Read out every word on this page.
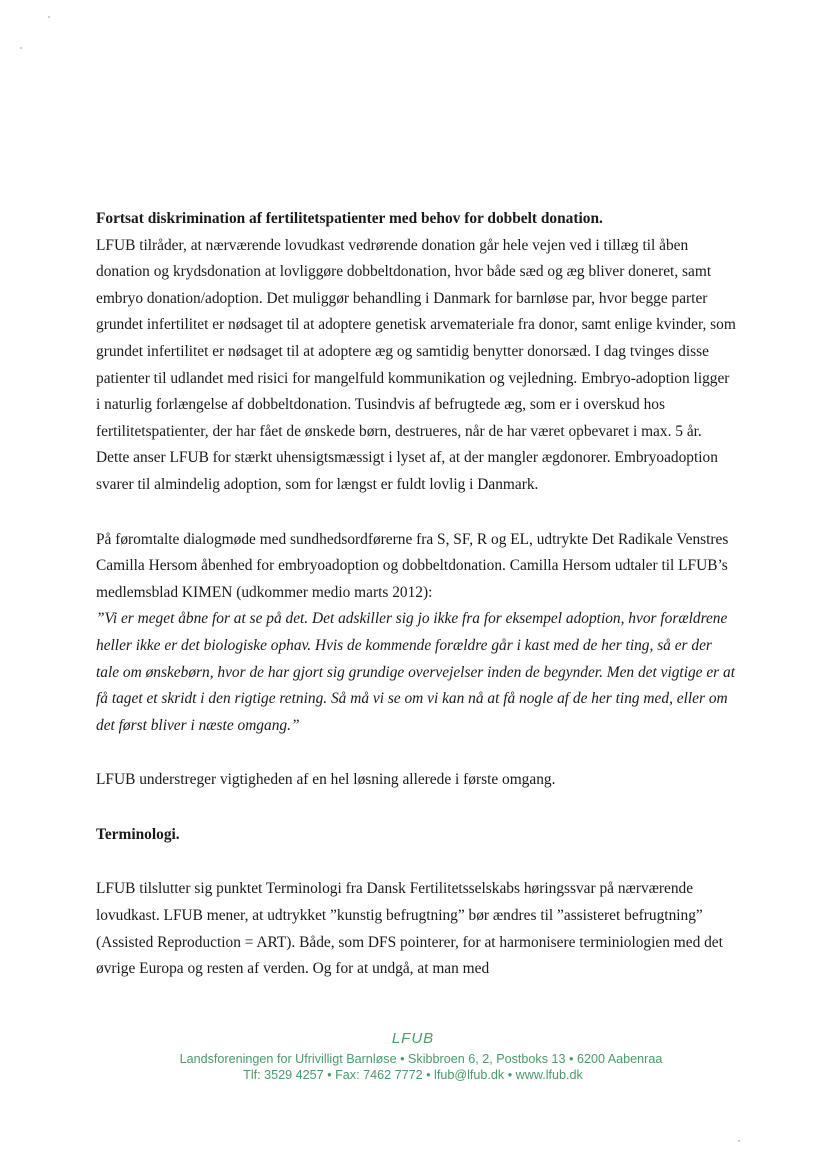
Fortsat diskrimination af fertilitetspatienter med behov for dobbelt donation.

LFUB tilråder, at nærværende lovudkast vedrørende donation går hele vejen ved i tillæg til åben donation og krydsdonation at lovliggøre dobbeltdonation, hvor både sæd og æg bliver doneret, samt embryo donation/adoption. Det muliggør behandling i Danmark for barnløse par, hvor begge parter grundet infertilitet er nødsaget til at adoptere genetisk arvemateriale fra donor, samt enlige kvinder, som grundet infertilitet er nødsaget til at adoptere æg og samtidig benytter donorsæd. I dag tvinges disse patienter til udlandet med risici for mangelfuld kommunikation og vejledning. Embryo-adoption ligger i naturlig forlængelse af dobbeltdonation. Tusindvis af befrugtede æg, som er i overskud hos fertilitetspatienter, der har fået de ønskede børn, destrueres, når de har været opbevaret i max. 5 år. Dette anser LFUB for stærkt uhensigtsmæssigt i lyset af, at der mangler ægdonorer. Embryoadoption svarer til almindelig adoption, som for længst er fuldt lovlig i Danmark.

På føromtalte dialogmøde med sundhedsordførerne fra S, SF, R og EL, udtrykte Det Radikale Venstres Camilla Hersom åbenhed for embryoadoption og dobbeltdonation. Camilla Hersom udtaler til LFUB’s medlemsblad KIMEN (udkommer medio marts 2012):

”Vi er meget åbne for at se på det. Det adskiller sig jo ikke fra for eksempel adoption, hvor forældrene heller ikke er det biologiske ophav. Hvis de kommende forældre går i kast med de her ting, så er der tale om ønskebørn, hvor de har gjort sig grundige overvejelser inden de begynder. Men det vigtige er at få taget et skridt i den rigtige retning. Så må vi se om vi kan nå at få nogle af de her ting med, eller om det først bliver i næste omgang.”

LFUB understreger vigtigheden af en hel løsning allerede i første omgang.

Terminologi.

LFUB tilslutter sig punktet Terminologi fra Dansk Fertilitetsselskabs høringssvar på nærværende lovudkast. LFUB mener, at udtrykket ”kunstig befrugtning” bør ændres til ”assisteret befrugtning” (Assisted Reproduction = ART). Både, som DFS pointerer, for at harmonisere terminiologien med det øvrige Europa og resten af verden. Og for at undgå, at man med

LFUB
Landsforeningen for Ufrivilligt Barnløse • Skibbroen 6, 2, Postboks 13 • 6200 Aabenraa
Tlf: 3529 4257 • Fax: 7462 7772 • lfub@lfub.dk • www.lfub.dk
